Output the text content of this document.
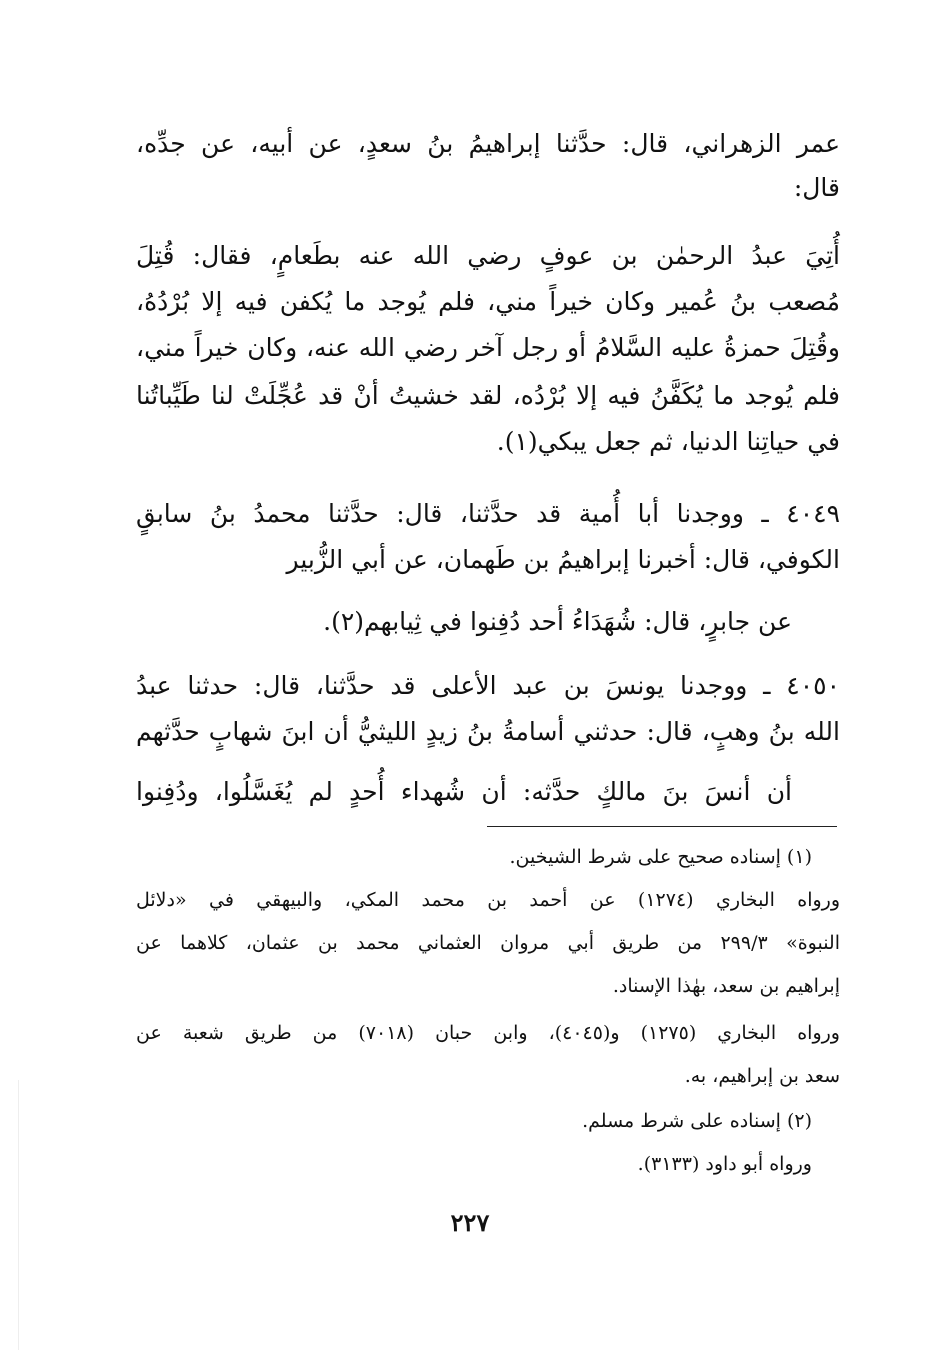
عمر الزهراني، قال: حدَّثنا إبراهيمُ بنُ سعدٍ، عن أبيه، عن جدِّه،
قال:
أُتِيَ عبدُ الرحمٰن بن عوفٍ رضي الله عنه بطَعامٍ، فقال: قُتِلَ
مُصعب بنُ عُمير وكان خيراً مني، فلم يُوجد ما يُكفن فيه إلا بُرْدُهُ،
وقُتِلَ حمزةُ عليه السَّلامُ أو رجل آخر رضي الله عنه، وكان خيراً مني،
فلم يُوجد ما يُكَفَّنُ فيه إلا بُرْدُه، لقد خشيتُ أنْ قد عُجِّلَتْ لنا طَيِّباتُنا
في حياتِنا الدنيا، ثم جعل يبكي(١).
٤٠٤٩ ـ ووجدنا أبا أُمية قد حدَّثنا، قال: حدَّثنا محمدُ بنُ سابقٍ
الكوفي، قال: أخبرنا إبراهيمُ بن طَهمان، عن أبي الزُّبير
عن جابرٍ، قال: شُهَدَاءُ أحد دُفِنوا في ثِيابهم(٢).
٤٠٥٠ ـ ووجدنا يونسَ بن عبد الأعلى قد حدَّثنا، قال: حدثنا عبدُ
الله بنُ وهبٍ، قال: حدثني أسامةُ بنُ زيدٍ الليثيُّ أن ابنَ شهابٍ حدَّثهم
أن أنسَ بنَ مالكٍ حدَّثه: أن شُهداء أُحدٍ لم يُغَسَّلُوا، ودُفِنوا
(١) إسناده صحيح على شرط الشيخين.
ورواه البخاري (١٢٧٤) عن أحمد بن محمد المكي، والبيهقي في «دلائل
النبوة» ٢٩٩/٣ من طريق أبي مروان العثماني محمد بن عثمان، كلاهما عن
إبراهيم بن سعد، بهٰذا الإسناد.
ورواه البخاري (١٢٧٥) و(٤٠٤٥)، وابن حبان (٧٠١٨) من طريق شعبة عن
سعد بن إبراهيم، به.
(٢) إسناده على شرط مسلم.
ورواه أبو داود (٣١٣٣).
٢٢٧
